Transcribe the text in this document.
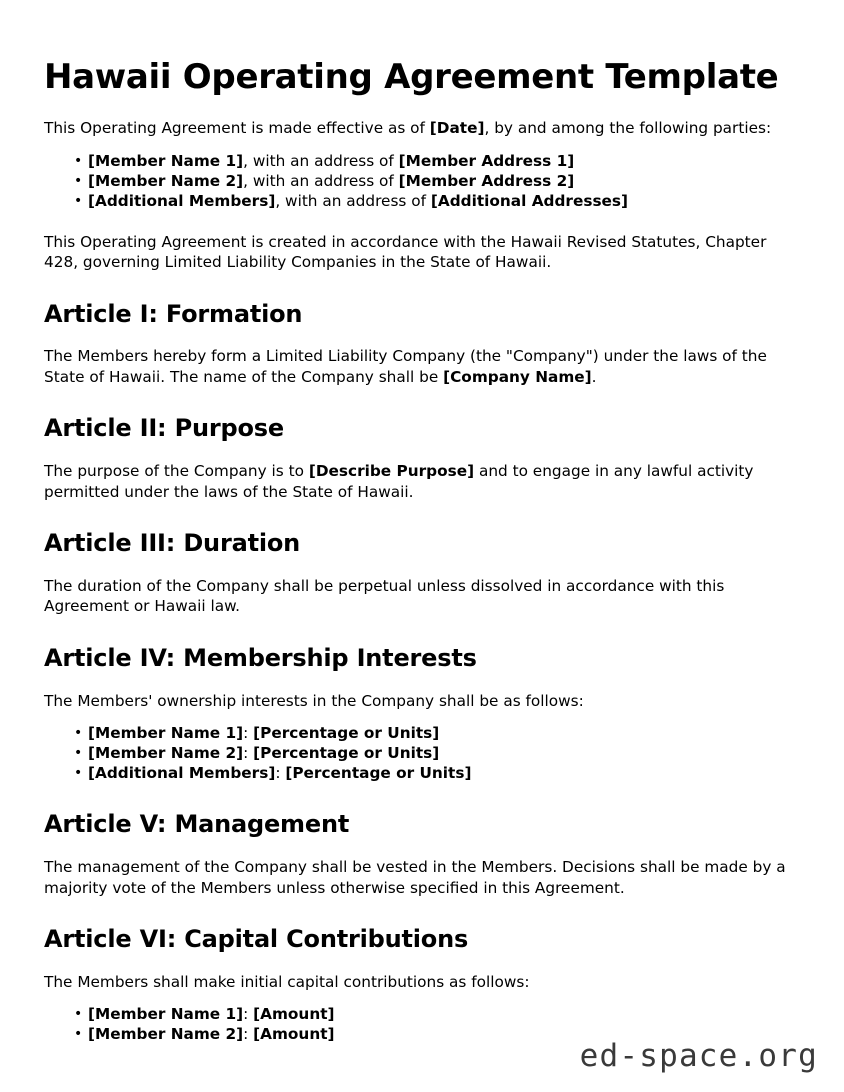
Hawaii Operating Agreement Template

This Operating Agreement is made effective as of [Date], by and among the following parties:

• [Member Name 1], with an address of [Member Address 1]
• [Member Name 2], with an address of [Member Address 2]
• [Additional Members], with an address of [Additional Addresses]

This Operating Agreement is created in accordance with the Hawaii Revised Statutes, Chapter 428, governing Limited Liability Companies in the State of Hawaii.

Article I: Formation

The Members hereby form a Limited Liability Company (the "Company") under the laws of the State of Hawaii. The name of the Company shall be [Company Name].

Article II: Purpose

The purpose of the Company is to [Describe Purpose] and to engage in any lawful activity permitted under the laws of the State of Hawaii.

Article III: Duration

The duration of the Company shall be perpetual unless dissolved in accordance with this Agreement or Hawaii law.

Article IV: Membership Interests

The Members' ownership interests in the Company shall be as follows:

• [Member Name 1]: [Percentage or Units]
• [Member Name 2]: [Percentage or Units]
• [Additional Members]: [Percentage or Units]
Article V: Management

The management of the Company shall be vested in the Members. Decisions shall be made by a majority vote of the Members unless otherwise specified in this Agreement.

Article VI: Capital Contributions

The Members shall make initial capital contributions as follows:

• [Member Name 1]: [Amount]
• [Member Name 2]: [Amount]
ed-space.org
